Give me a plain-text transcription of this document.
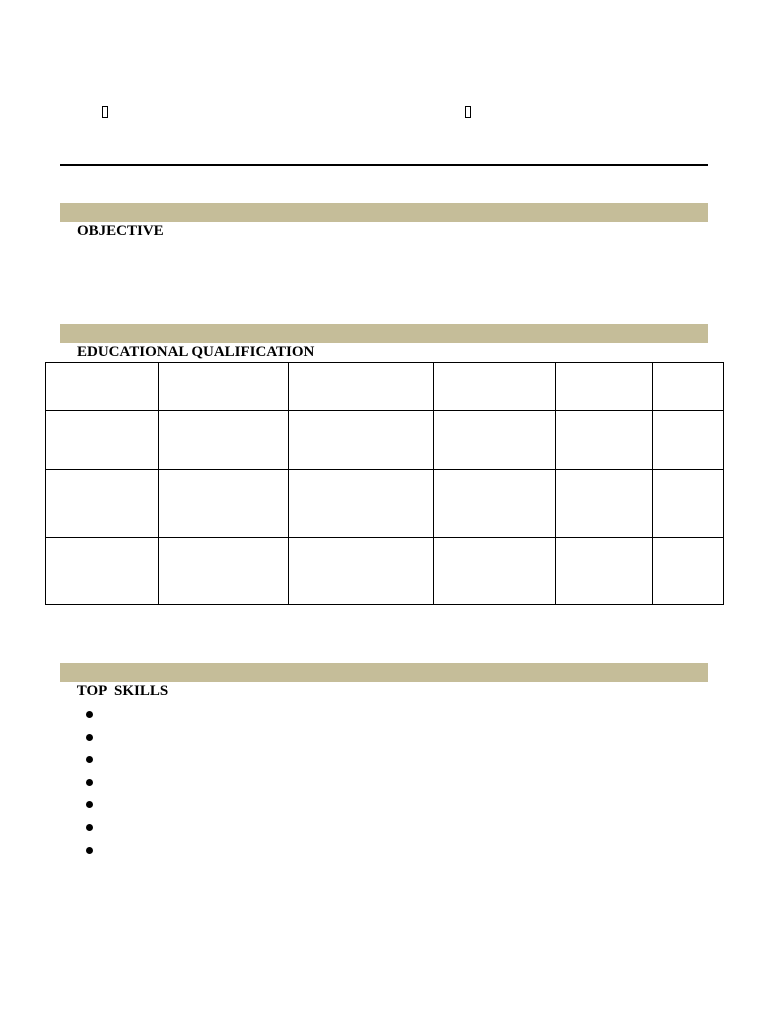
OBJECTIVE

EDUCATIONAL QUALIFICATION

TOP  SKILLS
